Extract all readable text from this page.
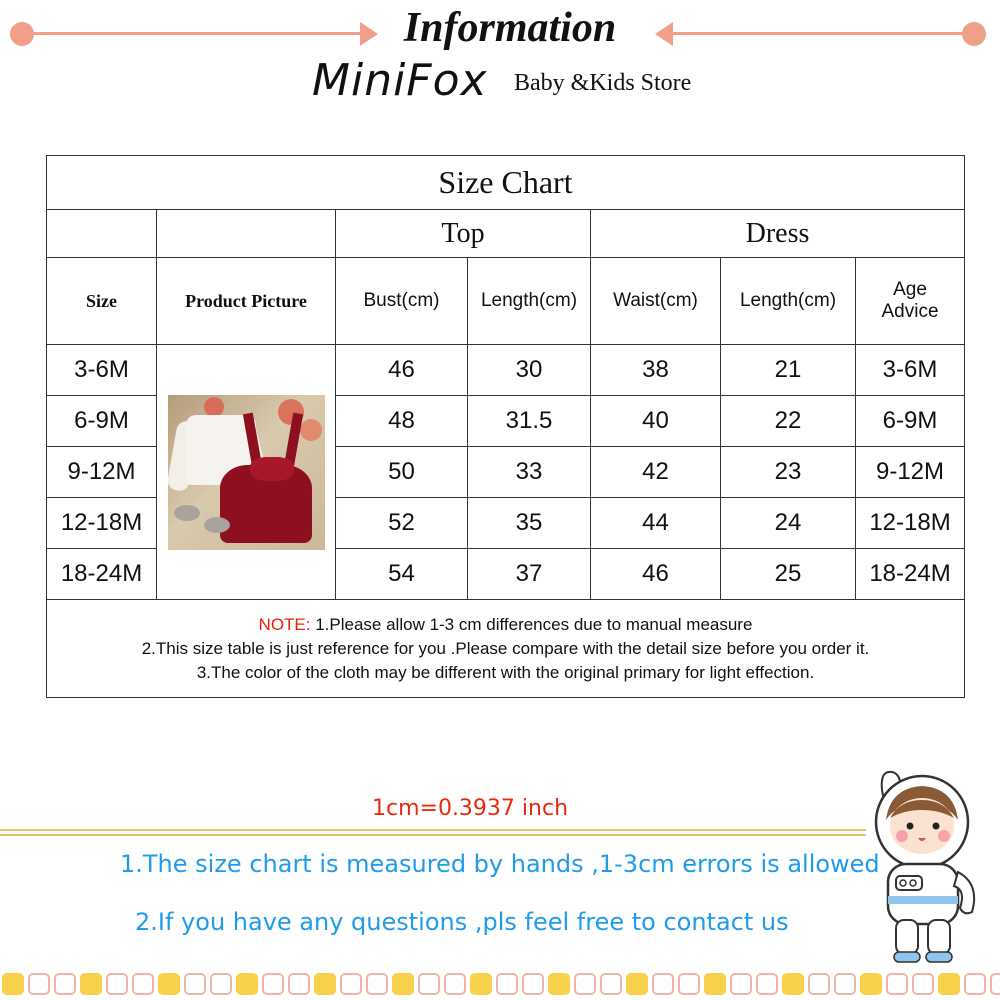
Information
MiniFox Baby &Kids Store
Size Chart						
		Top		Dress		
Size	Product Picture	Bust(cm)	Length(cm)	Waist(cm)	Length(cm)	Age
Advice
3-6M		46	30	38	21	3-6M
6-9M		48	31.5	40	22	6-9M
9-12M		50	33	42	23	9-12M
12-18M		52	35	44	24	12-18M
18-24M		54	37	46	25	18-24M
NOTE: 1.Please allow 1-3 cm differences due to manual measure
2.This size table is just reference for you .Please compare with the detail size before you order it.
3.The color of the cloth may be different with the original primary for light effection.						
1cm=0.3937 inch
1.The size chart is measured by hands ,1-3cm errors is allowed
2.If you have any questions ,pls feel free to contact us
